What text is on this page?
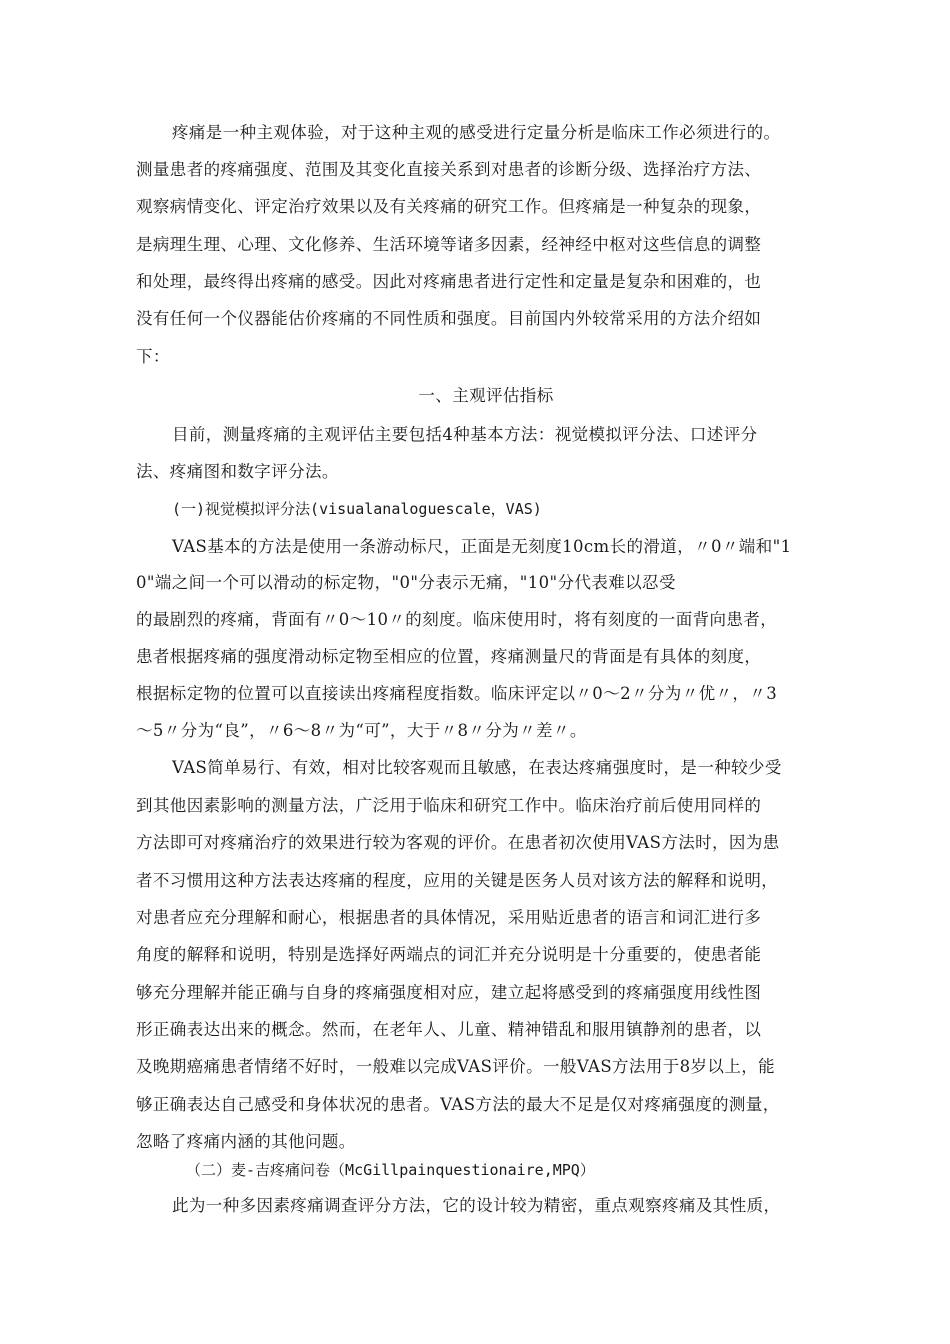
疼痛是一种主观体验，对于这种主观的感受进行定量分析是临床工作必须进行的。
测量患者的疼痛强度、范围及其变化直接关系到对患者的诊断分级、选择治疗方法、
观察病情变化、评定治疗效果以及有关疼痛的研究工作。但疼痛是一种复杂的现象，
是病理生理、心理、文化修养、生活环境等诸多因素，经神经中枢对这些信息的调整
和处理，最终得出疼痛的感受。因此对疼痛患者进行定性和定量是复杂和困难的，也
没有任何一个仪器能估价疼痛的不同性质和强度。目前国内外较常采用的方法介绍如
下：
一、主观评估指标
目前，测量疼痛的主观评估主要包括4种基本方法：视觉模拟评分法、口述评分
法、疼痛图和数字评分法。
(一)视觉模拟评分法(visualanaloguescale，VAS)
VAS基本的方法是使用一条游动标尺，正面是无刻度10cm长的滑道，〃0〃端和"1
0"端之间一个可以滑动的标定物，"0"分表示无痛，"10"分代表难以忍受
的最剧烈的疼痛，背面有〃0～10〃的刻度。临床使用时，将有刻度的一面背向患者，
患者根据疼痛的强度滑动标定物至相应的位置，疼痛测量尺的背面是有具体的刻度，
根据标定物的位置可以直接读出疼痛程度指数。临床评定以〃0～2〃分为〃优〃，〃3
～5〃分为“良”，〃6～8〃为“可”，大于〃8〃分为〃差〃。
VAS简单易行、有效，相对比较客观而且敏感，在表达疼痛强度时，是一种较少受
到其他因素影响的测量方法，广泛用于临床和研究工作中。临床治疗前后使用同样的
方法即可对疼痛治疗的效果进行较为客观的评价。在患者初次使用VAS方法时，因为患
者不习惯用这种方法表达疼痛的程度，应用的关键是医务人员对该方法的解释和说明，
对患者应充分理解和耐心，根据患者的具体情况，采用贴近患者的语言和词汇进行多
角度的解释和说明，特别是选择好两端点的词汇并充分说明是十分重要的，使患者能
够充分理解并能正确与自身的疼痛强度相对应，建立起将感受到的疼痛强度用线性图
形正确表达出来的概念。然而，在老年人、儿童、精神错乱和服用镇静剂的患者，以
及晚期癌痛患者情绪不好时，一般难以完成VAS评价。一般VAS方法用于8岁以上，能
够正确表达自己感受和身体状况的患者。VAS方法的最大不足是仅对疼痛强度的测量，
忽略了疼痛内涵的其他问题。
（二）麦-吉疼痛问卷（McGillpainquestionaire,MPQ）
此为一种多因素疼痛调查评分方法，它的设计较为精密，重点观察疼痛及其性质，
